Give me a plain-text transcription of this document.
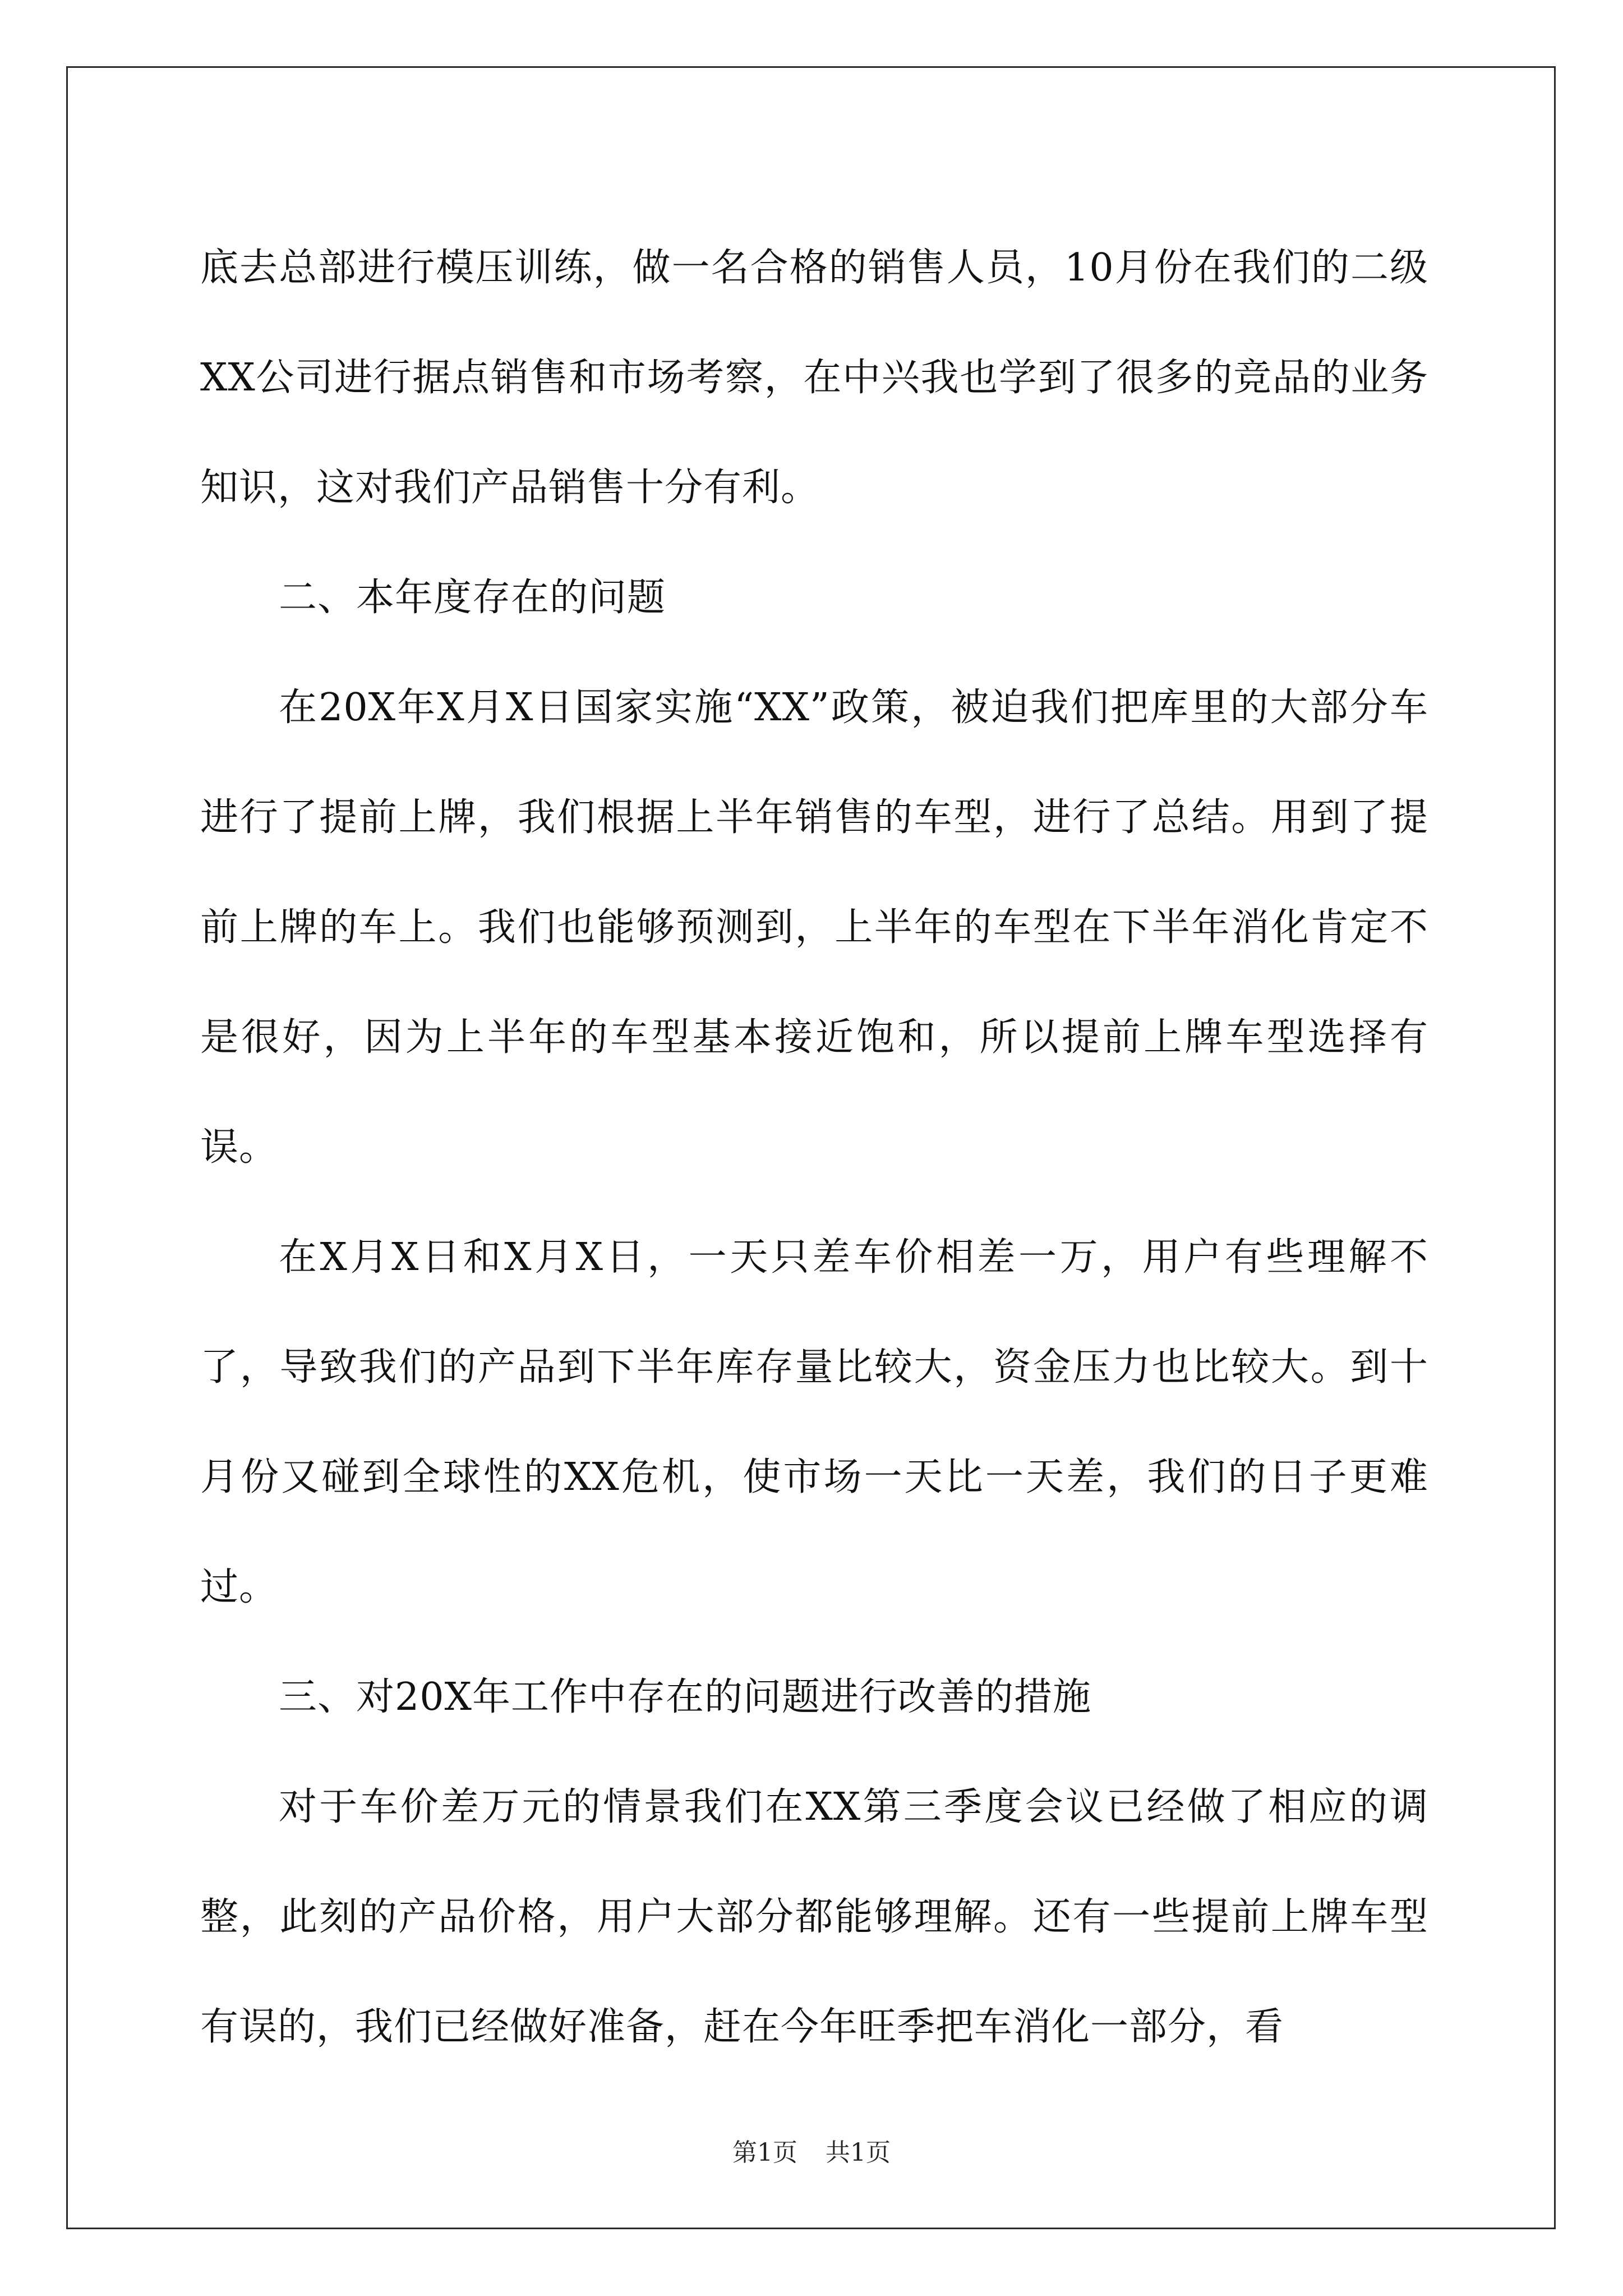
底去总部进行模压训练，做一名合格的销售人员，10月份在我们的二级XX公司进行据点销售和市场考察，在中兴我也学到了很多的竞品的业务知识，这对我们产品销售十分有利。

二、本年度存在的问题

在20X年X月X日国家实施“XX”政策，被迫我们把库里的大部分车进行了提前上牌，我们根据上半年销售的车型，进行了总结。用到了提前上牌的车上。我们也能够预测到，上半年的车型在下半年消化肯定不是很好，因为上半年的车型基本接近饱和，所以提前上牌车型选择有误。

在X月X日和X月X日，一天只差车价相差一万，用户有些理解不了，导致我们的产品到下半年库存量比较大，资金压力也比较大。到十月份又碰到全球性的XX危机，使市场一天比一天差，我们的日子更难过。

三、对20X年工作中存在的问题进行改善的措施

对于车价差万元的情景我们在XX第三季度会议已经做了相应的调整，此刻的产品价格，用户大部分都能够理解。还有一些提前上牌车型有误的，我们已经做好准备，赶在今年旺季把车消化一部分，看

第1页 共1页
